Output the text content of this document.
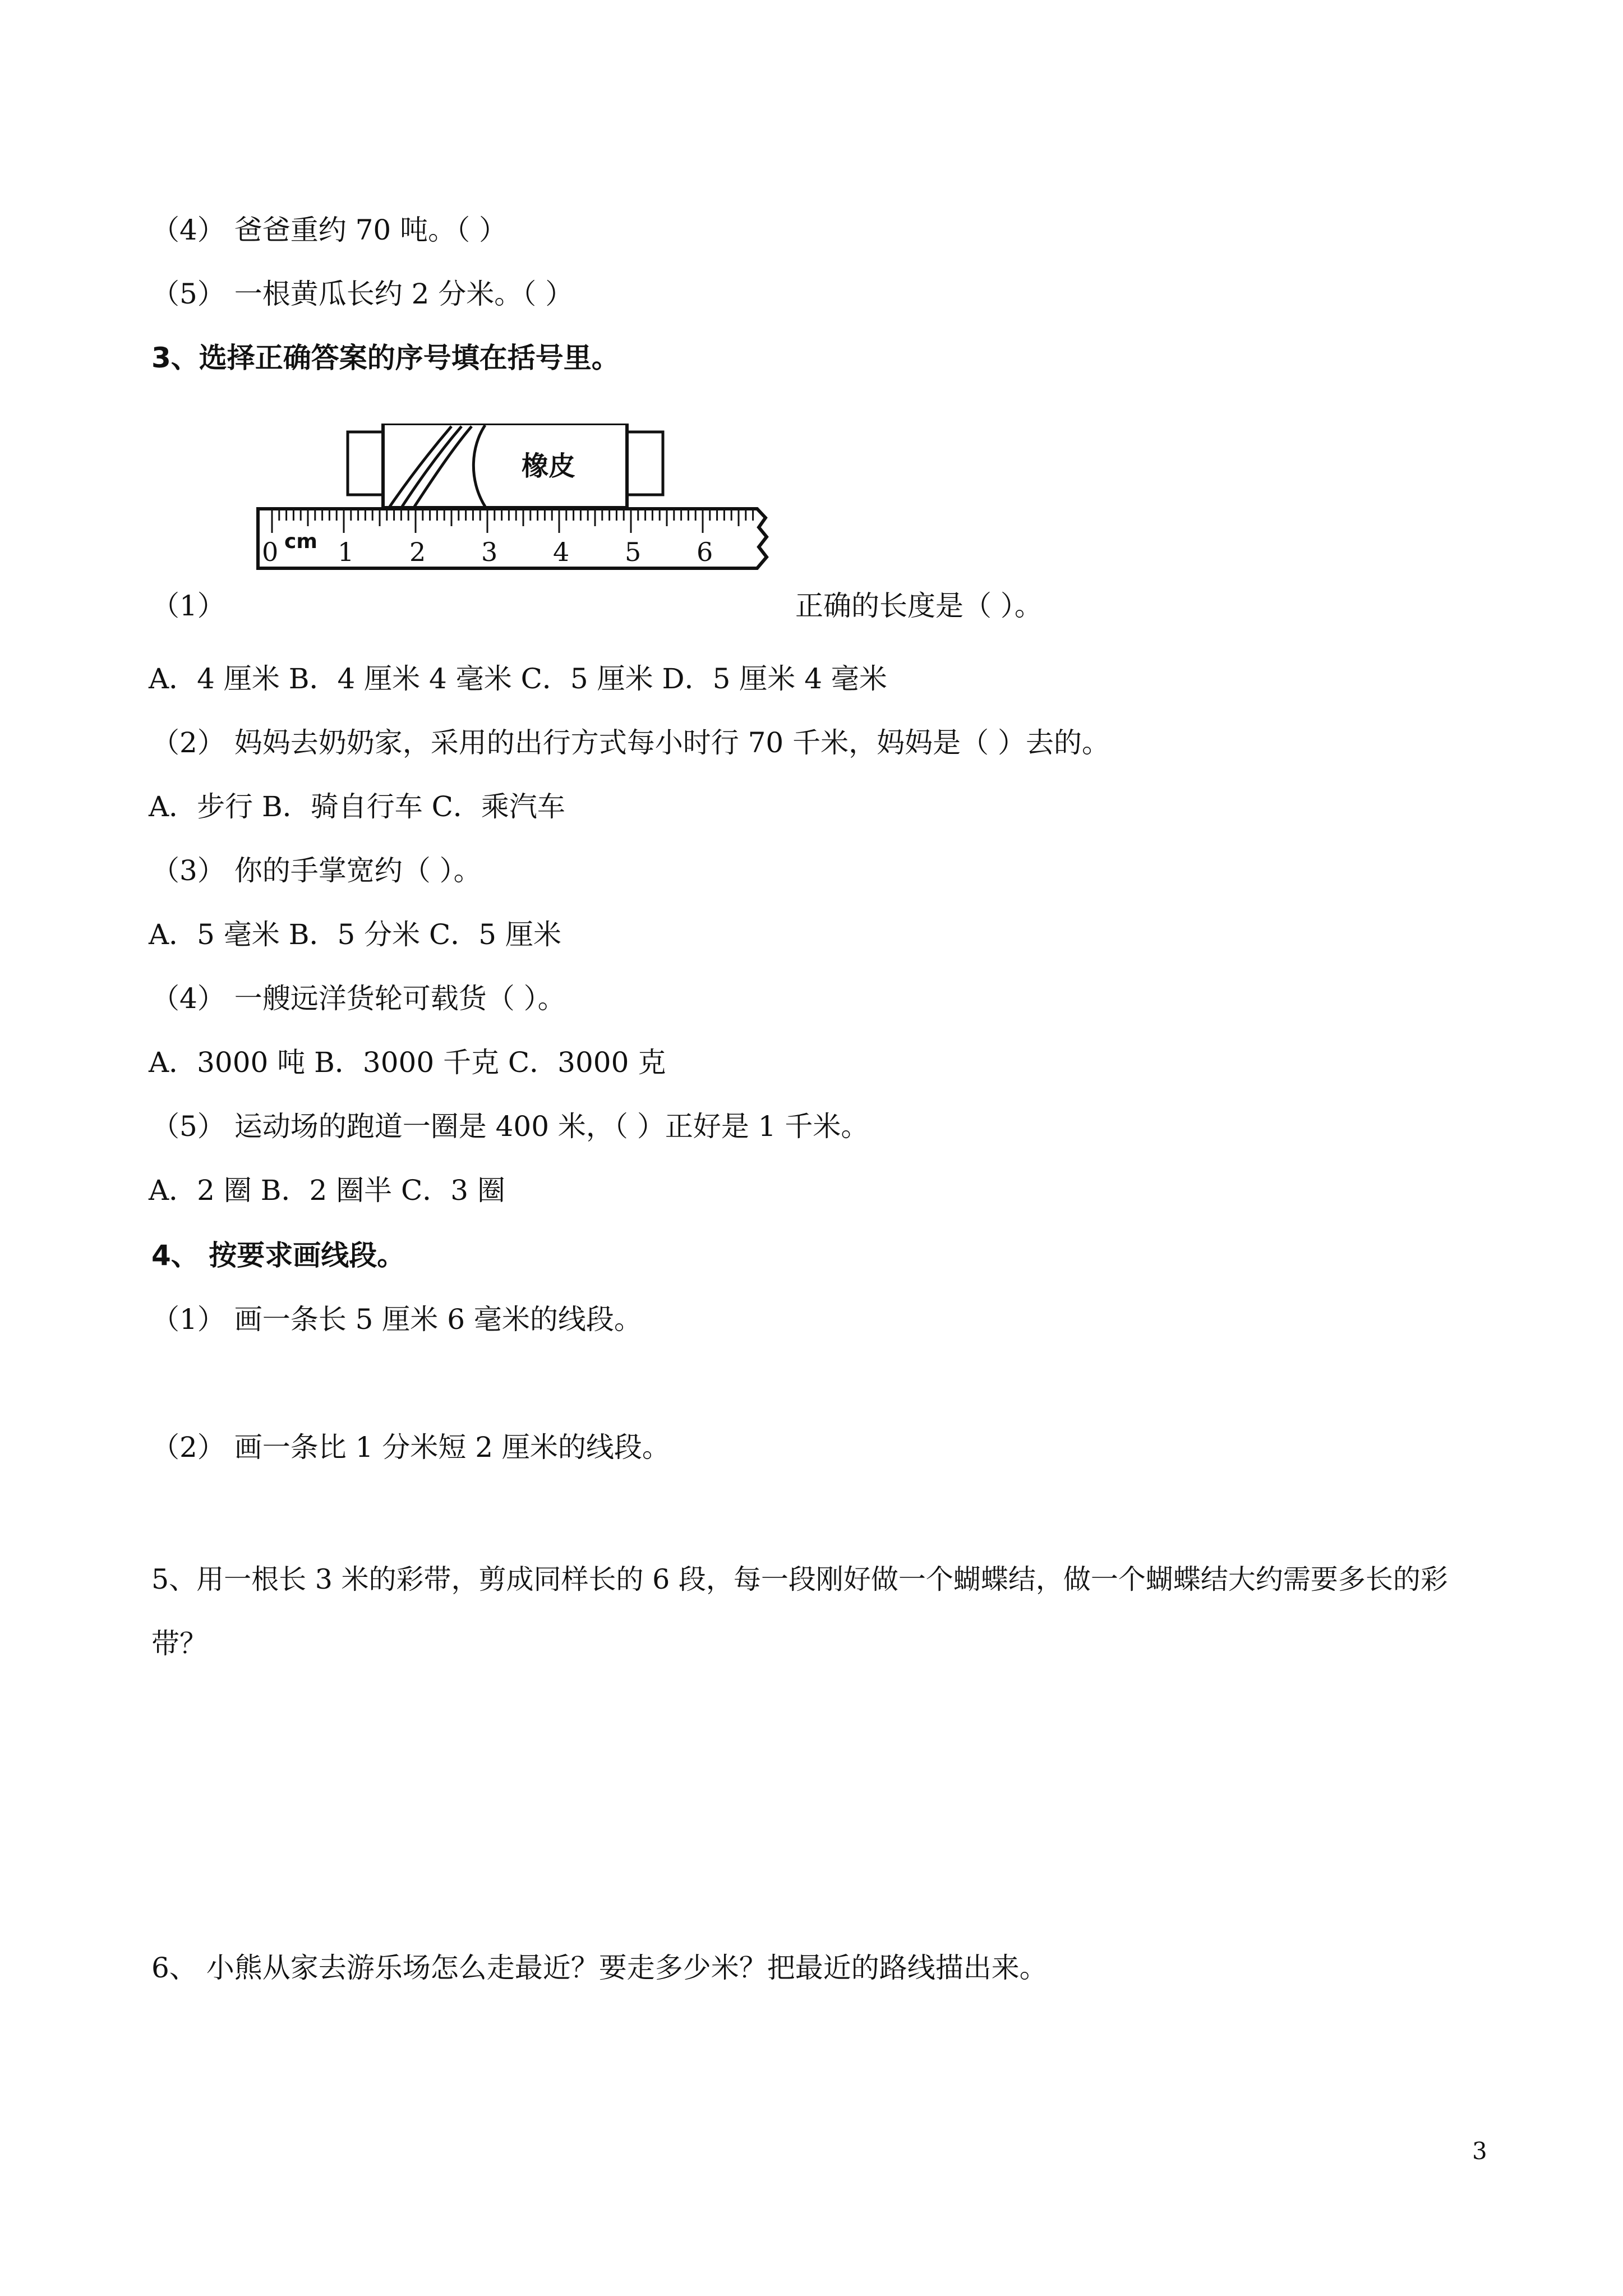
（4） 爸爸重约 70 吨。（ ）
（5） 一根黄瓜长约 2 分米。（ ）
3、选择正确答案的序号填在括号里。
橡皮
cm
0 1 2 3 4 5 6
（1）	正确的长度是（ ）。
A．4 厘米 B．4 厘米 4 毫米 C．5 厘米 D．5 厘米 4 毫米
（2） 妈妈去奶奶家，采用的出行方式每小时行 70 千米，妈妈是（ ）去的。
A．步行 B．骑自行车 C．乘汽车
（3） 你的手掌宽约（ ）。
A．5 毫米 B．5 分米 C．5 厘米
（4） 一艘远洋货轮可载货（ ）。
A．3000 吨 B．3000 千克 C．3000 克
（5） 运动场的跑道一圈是 400 米，（ ）正好是 1 千米。
A．2 圈 B．2 圈半 C．3 圈
4、 按要求画线段。
（1） 画一条长 5 厘米 6 毫米的线段。
（2） 画一条比 1 分米短 2 厘米的线段。
5、用一根长 3 米的彩带，剪成同样长的 6 段，每一段刚好做一个蝴蝶结，做一个蝴蝶结大约需要多长的彩
带？
6、 小熊从家去游乐场怎么走最近？要走多少米？把最近的路线描出来。
3
